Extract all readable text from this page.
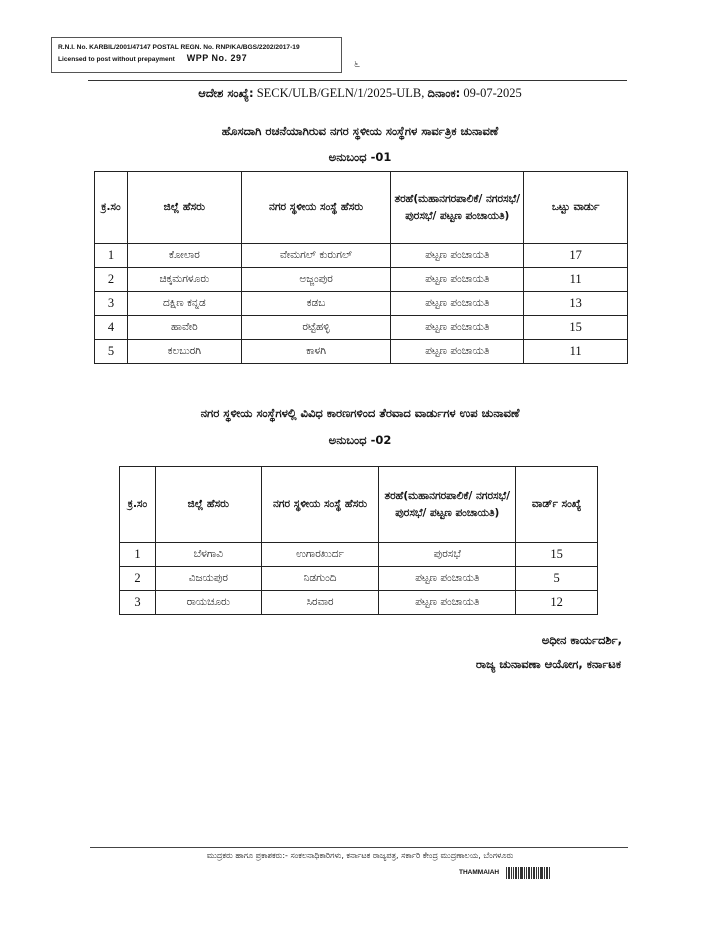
R.N.I. No. KARBIL/2001/47147 POSTAL REGN. No. RNP/KA/BGS/2202/2017-19
Licensed to post without prepayment WPP No. 297	೬
ಆದೇಶ ಸಂಖ್ಯೆ: SECK/ULB/GELN/1/2025-ULB, ದಿನಾಂಕ: 09-07-2025
ಹೊಸದಾಗಿ ರಚನೆಯಾಗಿರುವ ನಗರ ಸ್ಥಳೀಯ ಸಂಸ್ಥೆಗಳ ಸಾರ್ವತ್ರಿಕ ಚುನಾವಣೆ
ಅನುಬಂಧ -01
ಕ್ರ.ಸಂ	ಜಿಲ್ಲೆ ಹೆಸರು	ನಗರ ಸ್ಥಳೀಯ ಸಂಸ್ಥೆ ಹೆಸರು	ತರಹೆ(ಮಹಾನಗರಪಾಲಿಕೆ/ ನಗರಸಭೆ/ಪುರಸಭೆ/ ಪಟ್ಟಣ ಪಂಚಾಯತಿ)	ಒಟ್ಟು ವಾರ್ಡು
1	ಕೋಲಾರ	ವೇಮಗಲ್ ಕುರುಗಲ್	ಪಟ್ಟಣ ಪಂಚಾಯತಿ	17
2	ಚಿಕ್ಕಮಗಳೂರು	ಅಜ್ಜಂಪುರ	ಪಟ್ಟಣ ಪಂಚಾಯತಿ	11
3	ದಕ್ಷಿಣ ಕನ್ನಡ	ಕಡಬ	ಪಟ್ಟಣ ಪಂಚಾಯತಿ	13
4	ಹಾವೇರಿ	ರಟ್ಟೆಹಳ್ಳಿ	ಪಟ್ಟಣ ಪಂಚಾಯತಿ	15
5	ಕಲಬುರಗಿ	ಕಾಳಗಿ	ಪಟ್ಟಣ ಪಂಚಾಯತಿ	11
ನಗರ ಸ್ಥಳೀಯ ಸಂಸ್ಥೆಗಳಲ್ಲಿ ವಿವಿಧ ಕಾರಣಗಳಿಂದ ತೆರವಾದ ವಾರ್ಡುಗಳ ಉಪ ಚುನಾವಣೆ
ಅನುಬಂಧ -02
ಕ್ರ.ಸಂ	ಜಿಲ್ಲೆ ಹೆಸರು	ನಗರ ಸ್ಥಳೀಯ ಸಂಸ್ಥೆ ಹೆಸರು	ತರಹೆ(ಮಹಾನಗರಪಾಲಿಕೆ/ ನಗರಸಭೆ/ಪುರಸಭೆ/ ಪಟ್ಟಣ ಪಂಚಾಯತಿ)	ವಾರ್ಡ್ ಸಂಖ್ಯೆ
1	ಬೆಳಗಾವಿ	ಉಗಾರಖುರ್ದ	ಪುರಸಭೆ	15
2	ವಿಜಯಪುರ	ನಿಡಗುಂದಿ	ಪಟ್ಟಣ ಪಂಚಾಯತಿ	5
3	ರಾಯಚೂರು	ಸಿರವಾರ	ಪಟ್ಟಣ ಪಂಚಾಯತಿ	12
ಅಧೀನ ಕಾರ್ಯದರ್ಶಿ,
ರಾಜ್ಯ ಚುನಾವಣಾ ಆಯೋಗ, ಕರ್ನಾಟಕ
ಮುದ್ರಕರು ಹಾಗೂ ಪ್ರಕಾಶಕರು:- ಸಂಕಲನಾಧಿಕಾರಿಗಳು, ಕರ್ನಾಟಕ ರಾಜ್ಯಪತ್ರ, ಸರ್ಕಾರಿ ಕೇಂದ್ರ ಮುದ್ರಣಾಲಯ, ಬೆಂಗಳೂರು
THAMMAIAH
